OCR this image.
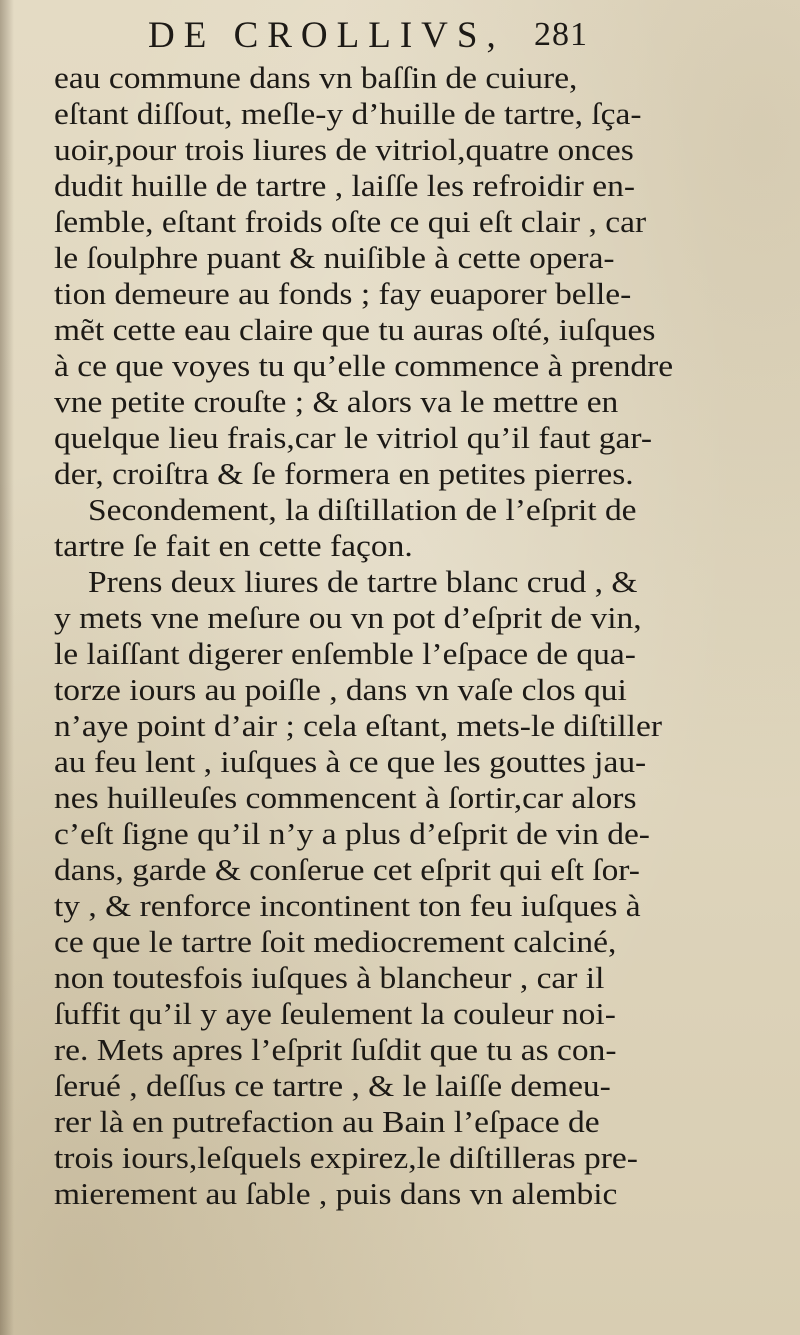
DE CROLLIVS, 281
eau commune dans vn baſſin de cuiure,
eſtant diſſout, meſle-y d’huille de tartre, ſça-
uoir,pour trois liures de vitriol,quatre onces
dudit huille de tartre , laiſſe les refroidir en-
ſemble, eſtant froids oſte ce qui eſt clair , car
le ſoulphre puant & nuiſible à cette opera-
tion demeure au fonds ; fay euaporer belle-
mẽt cette eau claire que tu auras oſté, iuſques
à ce que voyes tu qu’elle commence à prendre
vne petite crouſte ; & alors va le mettre en
quelque lieu frais,car le vitriol qu’il faut gar-
der, croiſtra & ſe formera en petites pierres.
Secondement, la diſtillation de l’eſprit de
tartre ſe fait en cette façon.
Prens deux liures de tartre blanc crud , &
y mets vne meſure ou vn pot d’eſprit de vin,
le laiſſant digerer enſemble l’eſpace de qua-
torze iours au poiſle , dans vn vaſe clos qui
n’aye point d’air ; cela eſtant, mets-le diſtiller
au feu lent , iuſques à ce que les gouttes jau-
nes huilleuſes commencent à ſortir,car alors
c’eſt ſigne qu’il n’y a plus d’eſprit de vin de-
dans, garde & conſerue cet eſprit qui eſt ſor-
ty , & renforce incontinent ton feu iuſques à
ce que le tartre ſoit mediocrement calciné,
non toutesfois iuſques à blancheur , car il
ſuffit qu’il y aye ſeulement la couleur noi-
re. Mets apres l’eſprit ſuſdit que tu as con-
ſerué , deſſus ce tartre , & le laiſſe demeu-
rer là en putrefaction au Bain l’eſpace de
trois iours,leſquels expirez,le diſtilleras pre-
mierement au ſable , puis dans vn alembic
